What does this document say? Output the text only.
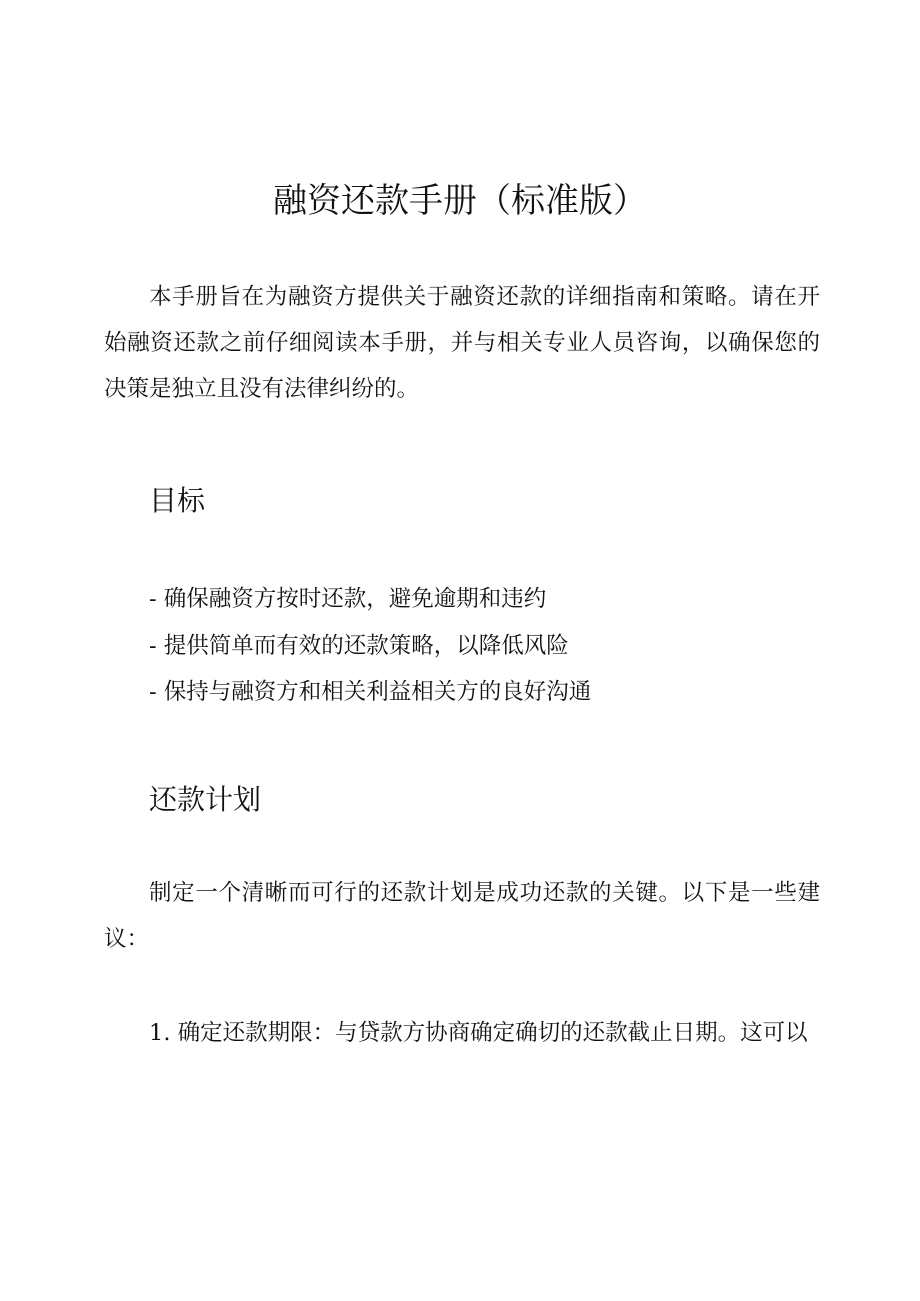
融资还款手册（标准版）

本手册旨在为融资方提供关于融资还款的详细指南和策略。请在开始融资还款之前仔细阅读本手册，并与相关专业人员咨询，以确保您的决策是独立且没有法律纠纷的。

目标
- 确保融资方按时还款，避免逾期和违约
- 提供简单而有效的还款策略，以降低风险
- 保持与融资方和相关利益相关方的良好沟通
还款计划

制定一个清晰而可行的还款计划是成功还款的关键。以下是一些建议：

1. 确定还款期限：与贷款方协商确定确切的还款截止日期。这可以
